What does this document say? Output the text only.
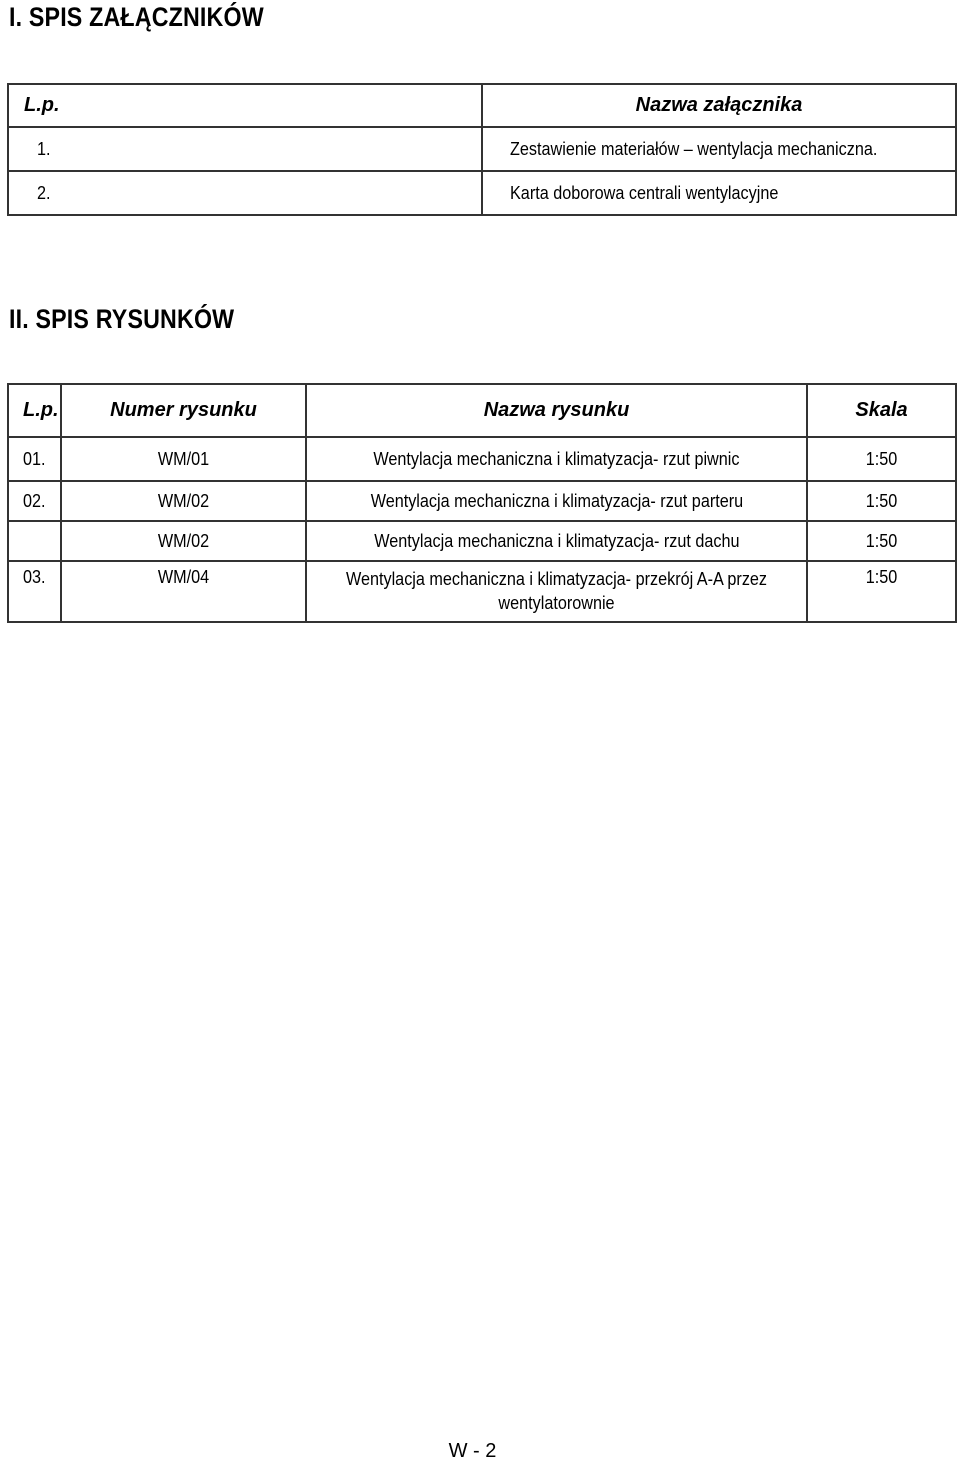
I. SPIS ZAŁĄCZNIKÓW
L.p.	Nazwa załącznika
1.	Zestawienie materiałów – wentylacja mechaniczna.
2.	Karta doborowa centrali wentylacyjne
II. SPIS RYSUNKÓW
L.p.	Numer rysunku	Nazwa rysunku	Skala
01.	WM/01	Wentylacja mechaniczna i klimatyzacja- rzut piwnic	1:50
02.	WM/02	Wentylacja mechaniczna i klimatyzacja- rzut parteru	1:50
	WM/02	Wentylacja mechaniczna i klimatyzacja- rzut dachu	1:50
03.	WM/04	Wentylacja mechaniczna i klimatyzacja- przekrój A-A przez wentylatorownie	1:50
W - 2
